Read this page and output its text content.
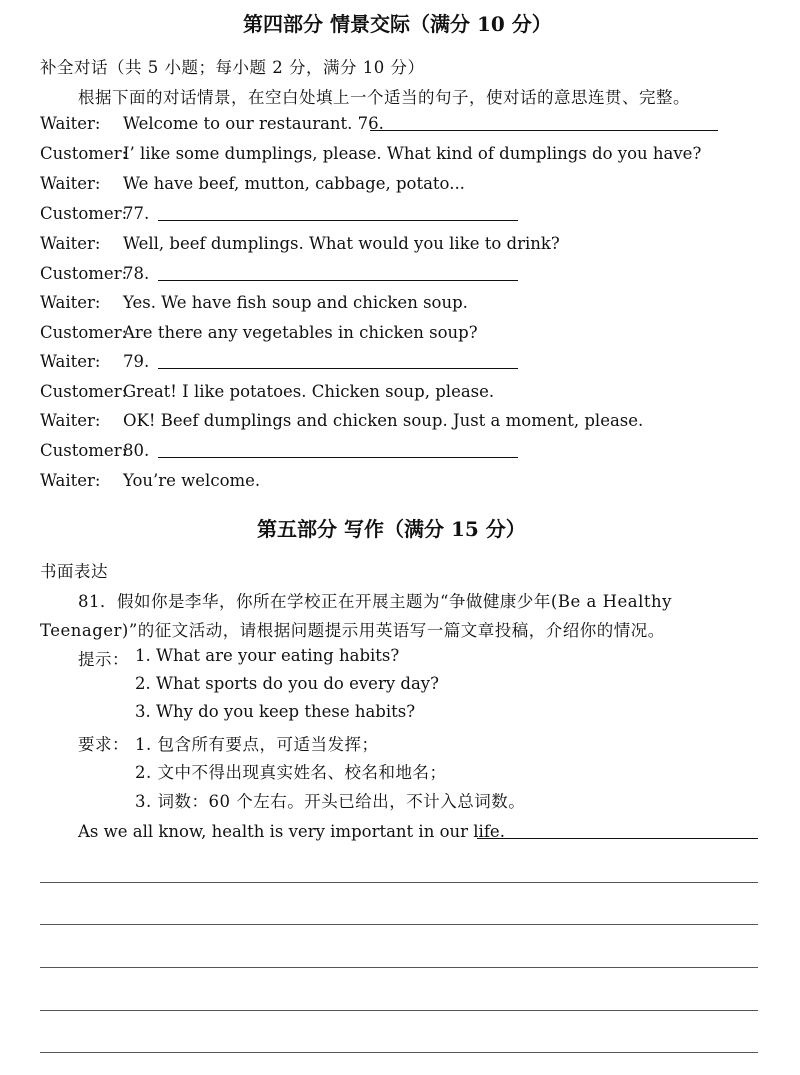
第四部分 情景交际（满分 10 分）
补全对话（共 5 小题；每小题 2 分，满分 10 分）
根据下面的对话情景，在空白处填上一个适当的句子，使对话的意思连贯、完整。
Waiter: Welcome to our restaurant. 76.
Customer:
I’ like some dumplings, please. What kind of dumplings do you have?
Waiter: We have beef, mutton, cabbage, potato...
Customer:
77.
Waiter: Well, beef dumplings. What would you like to drink?
Customer:
78.
Waiter: Yes. We have fish soup and chicken soup.
Customer:
Are there any vegetables in chicken soup?
Waiter: 79.
Customer:
Great! I like potatoes. Chicken soup, please.
Waiter: OK! Beef dumplings and chicken soup. Just a moment, please.
Customer:
80.
Waiter: You’re welcome.
第五部分 写作（满分 15 分）
书面表达
81．假如你是李华，你所在学校正在开展主题为“争做健康少年(Be a Healthy
Teenager)”的征文活动，请根据问题提示用英语写一篇文章投稿，介绍你的情况。
提示： 1. What are your eating habits?
2. What sports do you do every day?
3. Why do you keep these habits?
要求： 1. 包含所有要点，可适当发挥；
2. 文中不得出现真实姓名、校名和地名；
3. 词数：60 个左右。开头已给出，不计入总词数。
As we all know, health is very important in our life.
